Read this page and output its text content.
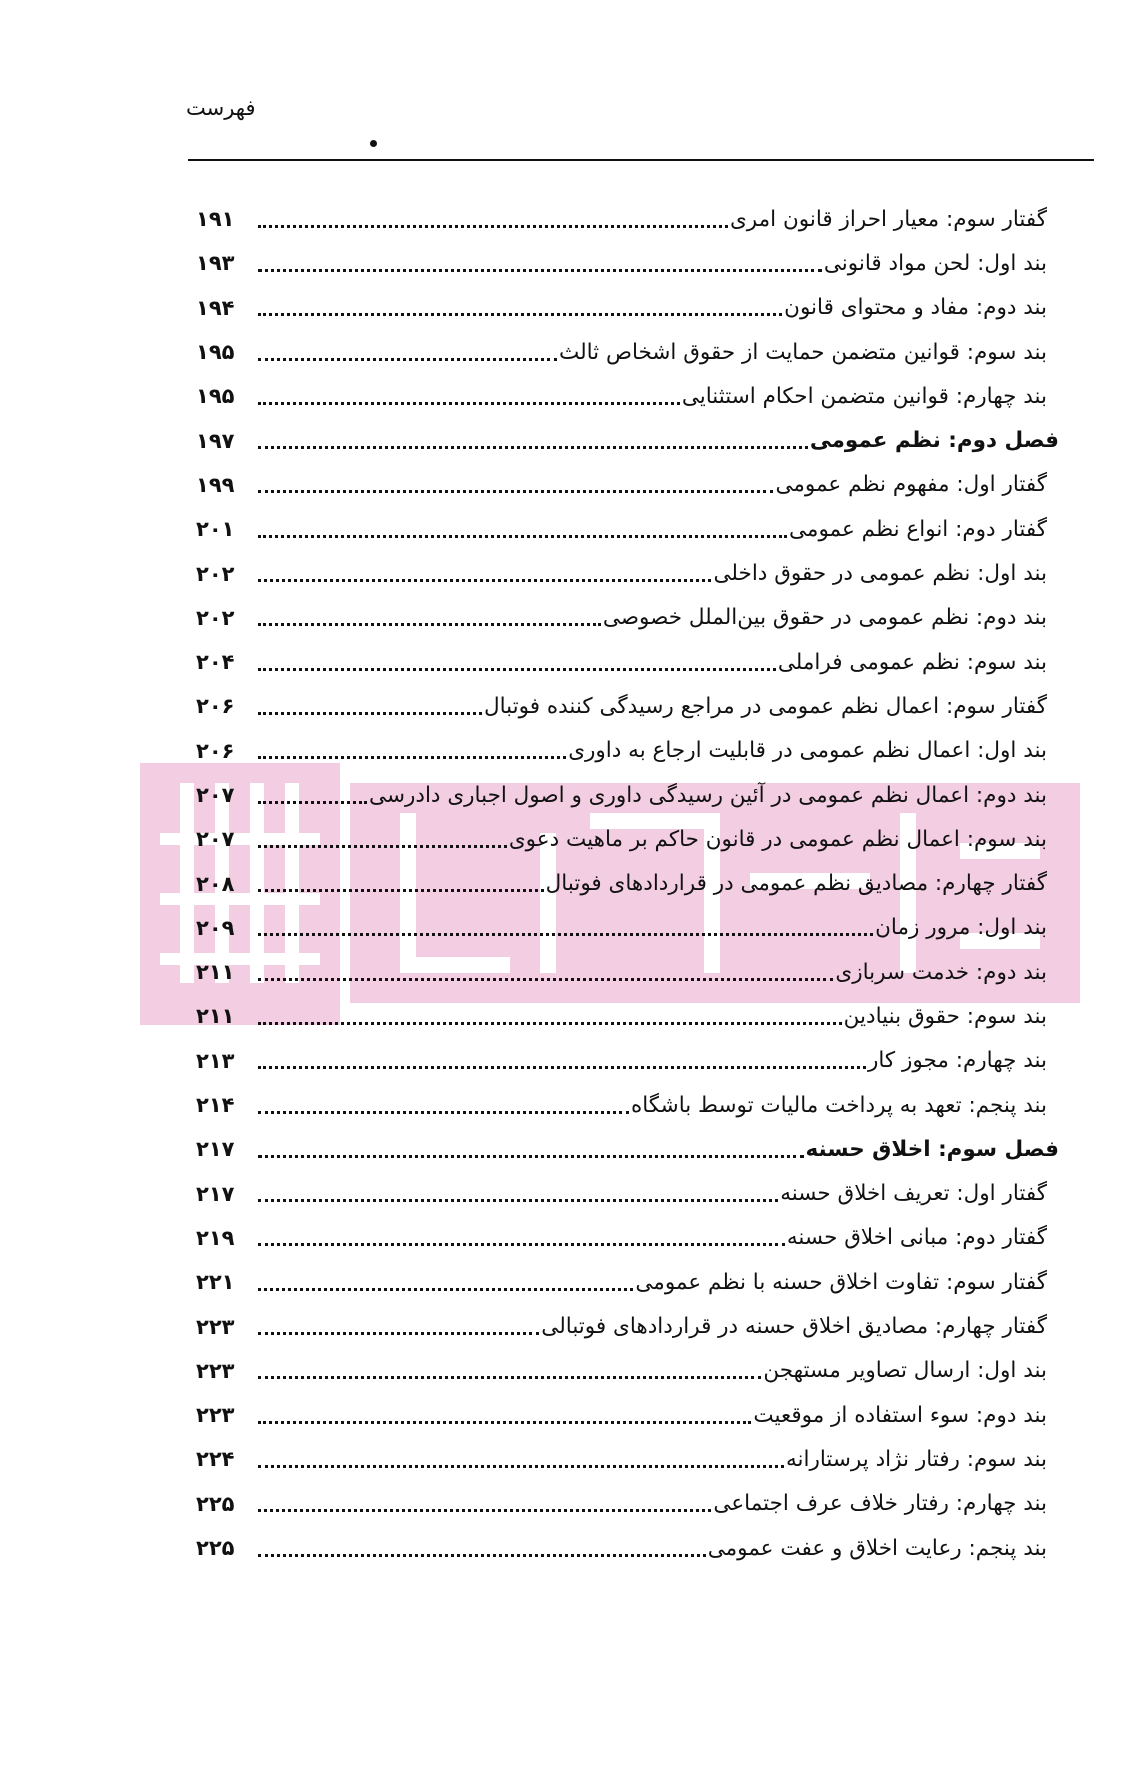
فهرست
گفتار سوم: معیار احراز قانون امری
۱۹۱
بند اول: لحن مواد قانونی
۱۹۳
بند دوم: مفاد و محتوای قانون
۱۹۴
بند سوم: قوانین متضمن حمایت از حقوق اشخاص ثالث
۱۹۵
بند چهارم: قوانین متضمن احکام استثنایی
۱۹۵
فصل دوم: نظم عمومی
۱۹۷
گفتار اول: مفهوم نظم عمومی
۱۹۹
گفتار دوم: انواع نظم عمومی
۲۰۱
بند اول: نظم عمومی در حقوق داخلی
۲۰۲
بند دوم: نظم عمومی در حقوق بین‌الملل خصوصی
۲۰۲
بند سوم: نظم عمومی فراملی
۲۰۴
گفتار سوم: اعمال نظم عمومی در مراجع رسیدگی کننده فوتبال
۲۰۶
بند اول: اعمال نظم عمومی در قابلیت ارجاع به داوری
۲۰۶
بند دوم: اعمال نظم عمومی در آئین رسیدگی داوری و اصول اجباری دادرسی
۲۰۷
بند سوم: اعمال نظم عمومی در قانون حاکم بر ماهیت دعوی
۲۰۷
گفتار چهارم: مصادیق نظم عمومی در قراردادهای فوتبال
۲۰۸
بند اول: مرور زمان
۲۰۹
بند دوم: خدمت سربازی
۲۱۱
بند سوم: حقوق بنیادین
۲۱۱
بند چهارم: مجوز کار
۲۱۳
بند پنجم: تعهد به پرداخت مالیات توسط باشگاه
۲۱۴
فصل سوم: اخلاق حسنه
۲۱۷
گفتار اول: تعریف اخلاق حسنه
۲۱۷
گفتار دوم: مبانی اخلاق حسنه
۲۱۹
گفتار سوم: تفاوت اخلاق حسنه با نظم عمومی
۲۲۱
گفتار چهارم: مصادیق اخلاق حسنه در قراردادهای فوتبالی
۲۲۳
بند اول: ارسال تصاویر مستهجن
۲۲۳
بند دوم: سوء استفاده از موقعیت
۲۲۳
بند سوم: رفتار نژاد پرستارانه
۲۲۴
بند چهارم: رفتار خلاف عرف اجتماعی
۲۲۵
بند پنجم: رعایت اخلاق و عفت عمومی
۲۲۵
